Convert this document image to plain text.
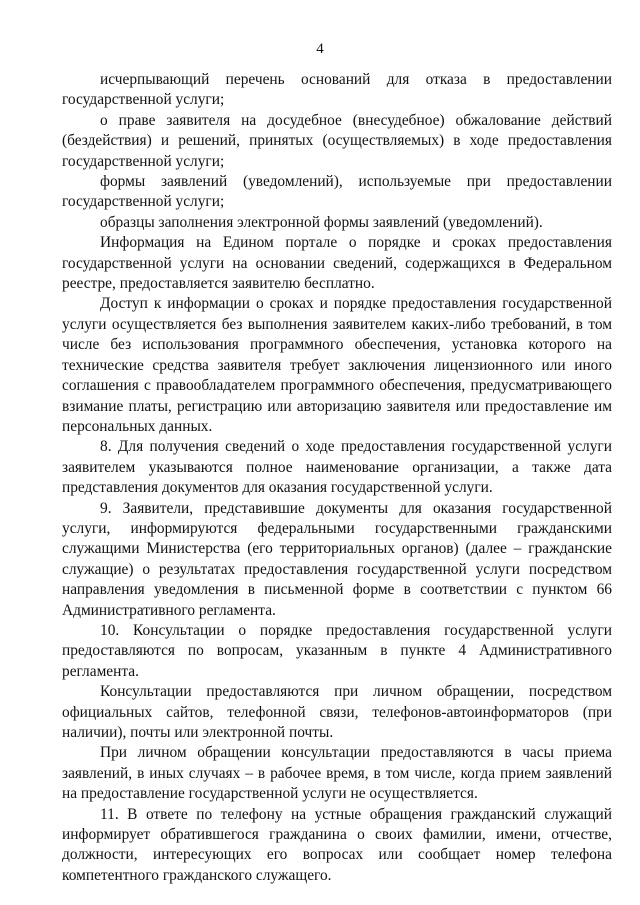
4

исчерпывающий перечень оснований для отказа в предоставлении государственной услуги;

о праве заявителя на досудебное (внесудебное) обжалование действий (бездействия) и решений, принятых (осуществляемых) в ходе предоставления государственной услуги;

формы заявлений (уведомлений), используемые при предоставлении государственной услуги;

образцы заполнения электронной формы заявлений (уведомлений).

Информация на Едином портале о порядке и сроках предоставления государственной услуги на основании сведений, содержащихся в Федеральном реестре, предоставляется заявителю бесплатно.

Доступ к информации о сроках и порядке предоставления государственной услуги осуществляется без выполнения заявителем каких-либо требований, в том числе без использования программного обеспечения, установка которого на технические средства заявителя требует заключения лицензионного или иного соглашения с правообладателем программного обеспечения, предусматривающего взимание платы, регистрацию или авторизацию заявителя или предоставление им персональных данных.

8. Для получения сведений о ходе предоставления государственной услуги заявителем указываются полное наименование организации, а также дата представления документов для оказания государственной услуги.

9. Заявители, представившие документы для оказания государственной услуги, информируются федеральными государственными гражданскими служащими Министерства (его территориальных органов) (далее – гражданские служащие) о результатах предоставления государственной услуги посредством направления уведомления в письменной форме в соответствии с пунктом 66 Административного регламента.

10. Консультации о порядке предоставления государственной услуги предоставляются по вопросам, указанным в пункте 4 Административного регламента.

Консультации предоставляются при личном обращении, посредством официальных сайтов, телефонной связи, телефонов-автоинформаторов (при наличии), почты или электронной почты.

При личном обращении консультации предоставляются в часы приема заявлений, в иных случаях – в рабочее время, в том числе, когда прием заявлений на предоставление государственной услуги не осуществляется.

11. В ответе по телефону на устные обращения гражданский служащий информирует обратившегося гражданина о своих фамилии, имени, отчестве, должности, интересующих его вопросах или сообщает номер телефона компетентного гражданского служащего.
